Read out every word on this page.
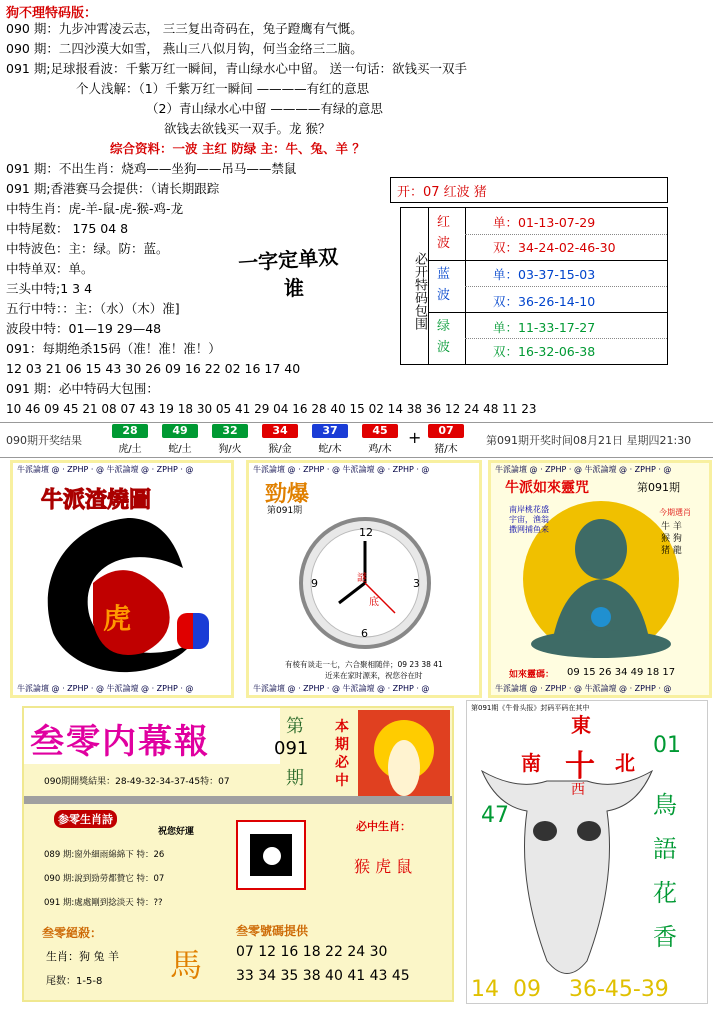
狗不理特码版：
090 期：九步冲霄凌云志， 三三复出奇码在，兔子蹬鹰有气慨。
090 期：二四沙漠大如雪， 燕山三八似月钩，何当金络三二脑。
091 期;足球报看波：千紫万红一瞬间，青山绿水心中留。 送一句话：欲钱买一双手
个人浅解：（1）千紫万红一瞬间 ————有红的意思
（2）青山绿水心中留 ————有绿的意思
欲钱去欲钱买一双手。龙 猴？
综合资料：一波 主红 防绿 主：牛、兔、羊 ？
091 期：不出生肖：烧鸡——坐狗——吊马——禁鼠
091 期;香港赛马会提供：（请长期跟踪
中特生肖：虎-羊-鼠-虎-猴-鸡-龙
中特尾数： 175 04 8
中特波色：主：绿。防：蓝。
中特单双：单。
三头中特;1 3 4
五行中特：：主：（水）（木）准]
波段中特：01—19 29—48
091：每期绝杀15码（准！准！准！）
12 03 21 06 15 43 30 26 09 16 22 02 16 17 40
091 期：必中特码大包围：
10 46 09 45 21 08 07 43 19 18 30 05 41 29 04 16 28 40 15 02 14 38 36 12 24 48 11 23
一字定单双
谁
开：07 红波 猪
必开特码包围
红波
单：01-13-07-29
双：34-24-02-46-30
蓝波
单：03-37-15-03
双：36-26-14-10
绿波
单：11-33-17-27
双：16-32-06-38
090期开奖结果
28
虎/土
49
蛇/土
32
狗/火
34
猴/金
37
蛇/木
45
鸡/木
+	07
猪/木
第091期开奖时间08月21日 星期四21:30
牛派論壇 @ · ZPHP · @ 牛派論壇 @ · ZPHP · @
牛派論壇 @ · ZPHP · @ 牛派論壇 @ · ZPHP · @
牛派渣燒圖
虎
第091期
牛派論壇 @ · ZPHP · @ 牛派論壇 @ · ZPHP · @
牛派論壇 @ · ZPHP · @ 牛派論壇 @ · ZPHP · @
勁爆
第091期
12
3
6
9	謎
底
有棱有谈走一七，六合聚相随伴；09 23 38 41
近来在家时源来，祝您谷在时
牛派論壇 @ · ZPHP · @ 牛派論壇 @ · ZPHP · @
牛派論壇 @ · ZPHP · @ 牛派論壇 @ · ZPHP · @
牛派如來靈咒	第091期
南岸桃花盛宇宙，渔翁撒网捕鱼来
今期選肖
牛 羊 猴 狗 猪 龍
如來靈碼： 09 15 26 34 49 18 17
叁零内幕報	第
091
期
本期必中
090期開獎結果：28-49-32-34-37-45特：07
参零生肖詩
祝您好運
089 期:窗外細雨綿綿下 特：26
090 期:說到勁勞都贊它 特：07
091 期:處處剛到捻淡天 特：??
叁零絕殺：
生肖：狗 兔 羊
尾数：1-5-8 馬
必中生肖：
猴 虎 鼠
叁零號碼提供
07 12 16 18 22 24 30
33 34 35 38 40 41 43 45
第091期《牛骨头报》封码平码在其中
東
南 十 北
西
01
47	鳥
語
花
香
14  09    36-45-39
